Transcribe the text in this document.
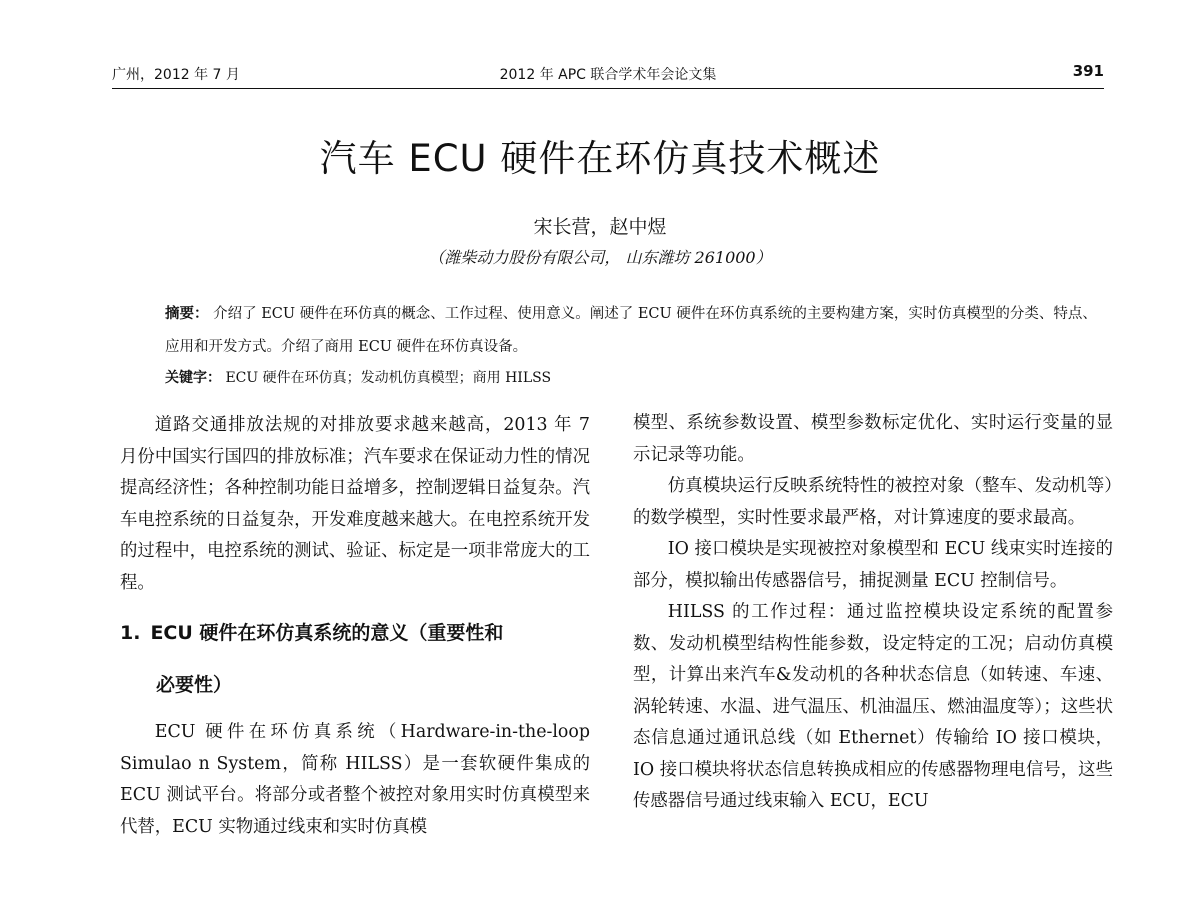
广州，2012 年 7 月	2012 年 APC 联合学术年会论文集	391
汽车 ECU 硬件在环仿真技术概述
宋长营，赵中煜
（潍柴动力股份有限公司， 山东潍坊 261000）
摘要： 介绍了 ECU 硬件在环仿真的概念、工作过程、使用意义。阐述了 ECU 硬件在环仿真系统的主要构建方案，实时仿真模型的分类、特点、应用和开发方式。介绍了商用 ECU 硬件在环仿真设备。
关键字： ECU 硬件在环仿真；发动机仿真模型；商用 HILSS

道路交通排放法规的对排放要求越来越高，2013 年 7 月份中国实行国四的排放标准；汽车要求在保证动力性的情况提高经济性；各种控制功能日益增多，控制逻辑日益复杂。汽车电控系统的日益复杂，开发难度越来越大。在电控系统开发的过程中，电控系统的测试、验证、标定是一项非常庞大的工程。

1. ECU 硬件在环仿真系统的意义（重要性和
必要性）

ECU 硬件在环仿真系统（Hardware-in-the-loop Simulao n System，简称 HILSS）是一套软硬件集成的 ECU 测试平台。将部分或者整个被控对象用实时仿真模型来代替，ECU 实物通过线束和实时仿真模

模型、系统参数设置、模型参数标定优化、实时运行变量的显示记录等功能。

仿真模块运行反映系统特性的被控对象（整车、发动机等）的数学模型，实时性要求最严格，对计算速度的要求最高。

IO 接口模块是实现被控对象模型和 ECU 线束实时连接的部分，模拟输出传感器信号，捕捉测量 ECU 控制信号。

HILSS 的工作过程：通过监控模块设定系统的配置参数、发动机模型结构性能参数，设定特定的工况；启动仿真模型，计算出来汽车&发动机的各种状态信息（如转速、车速、涡轮转速、水温、进气温压、机油温压、燃油温度等）；这些状态信息通过通讯总线（如 Ethernet）传输给 IO 接口模块，IO 接口模块将状态信息转换成相应的传感器物理电信号，这些传感器信号通过线束输入 ECU，ECU
